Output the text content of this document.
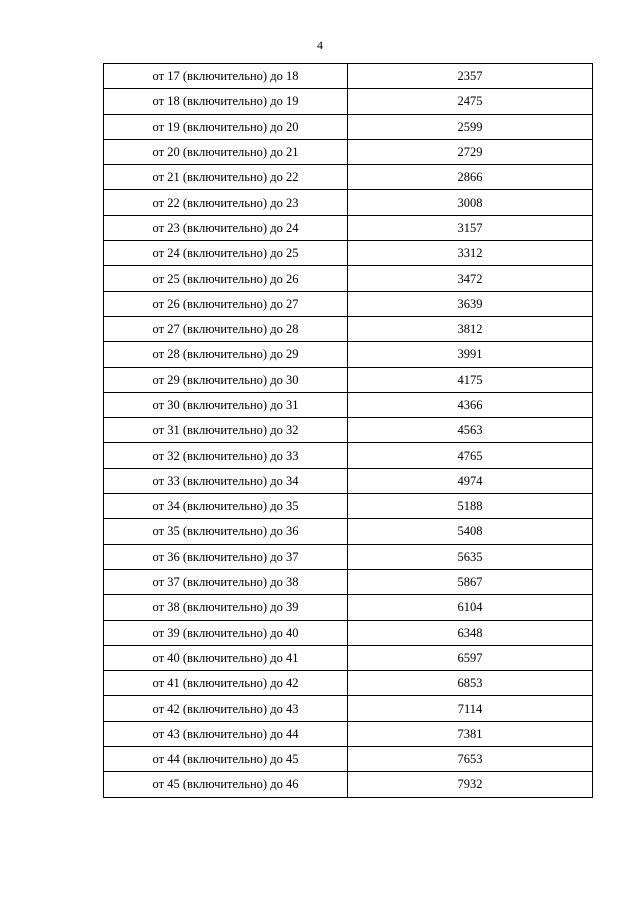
4
от 17 (включительно) до 18	2357
от 18 (включительно) до 19	2475
от 19 (включительно) до 20	2599
от 20 (включительно) до 21	2729
от 21 (включительно) до 22	2866
от 22 (включительно) до 23	3008
от 23 (включительно) до 24	3157
от 24 (включительно) до 25	3312
от 25 (включительно) до 26	3472
от 26 (включительно) до 27	3639
от 27 (включительно) до 28	3812
от 28 (включительно) до 29	3991
от 29 (включительно) до 30	4175
от 30 (включительно) до 31	4366
от 31 (включительно) до 32	4563
от 32 (включительно) до 33	4765
от 33 (включительно) до 34	4974
от 34 (включительно) до 35	5188
от 35 (включительно) до 36	5408
от 36 (включительно) до 37	5635
от 37 (включительно) до 38	5867
от 38 (включительно) до 39	6104
от 39 (включительно) до 40	6348
от 40 (включительно) до 41	6597
от 41 (включительно) до 42	6853
от 42 (включительно) до 43	7114
от 43 (включительно) до 44	7381
от 44 (включительно) до 45	7653
от 45 (включительно) до 46	7932
